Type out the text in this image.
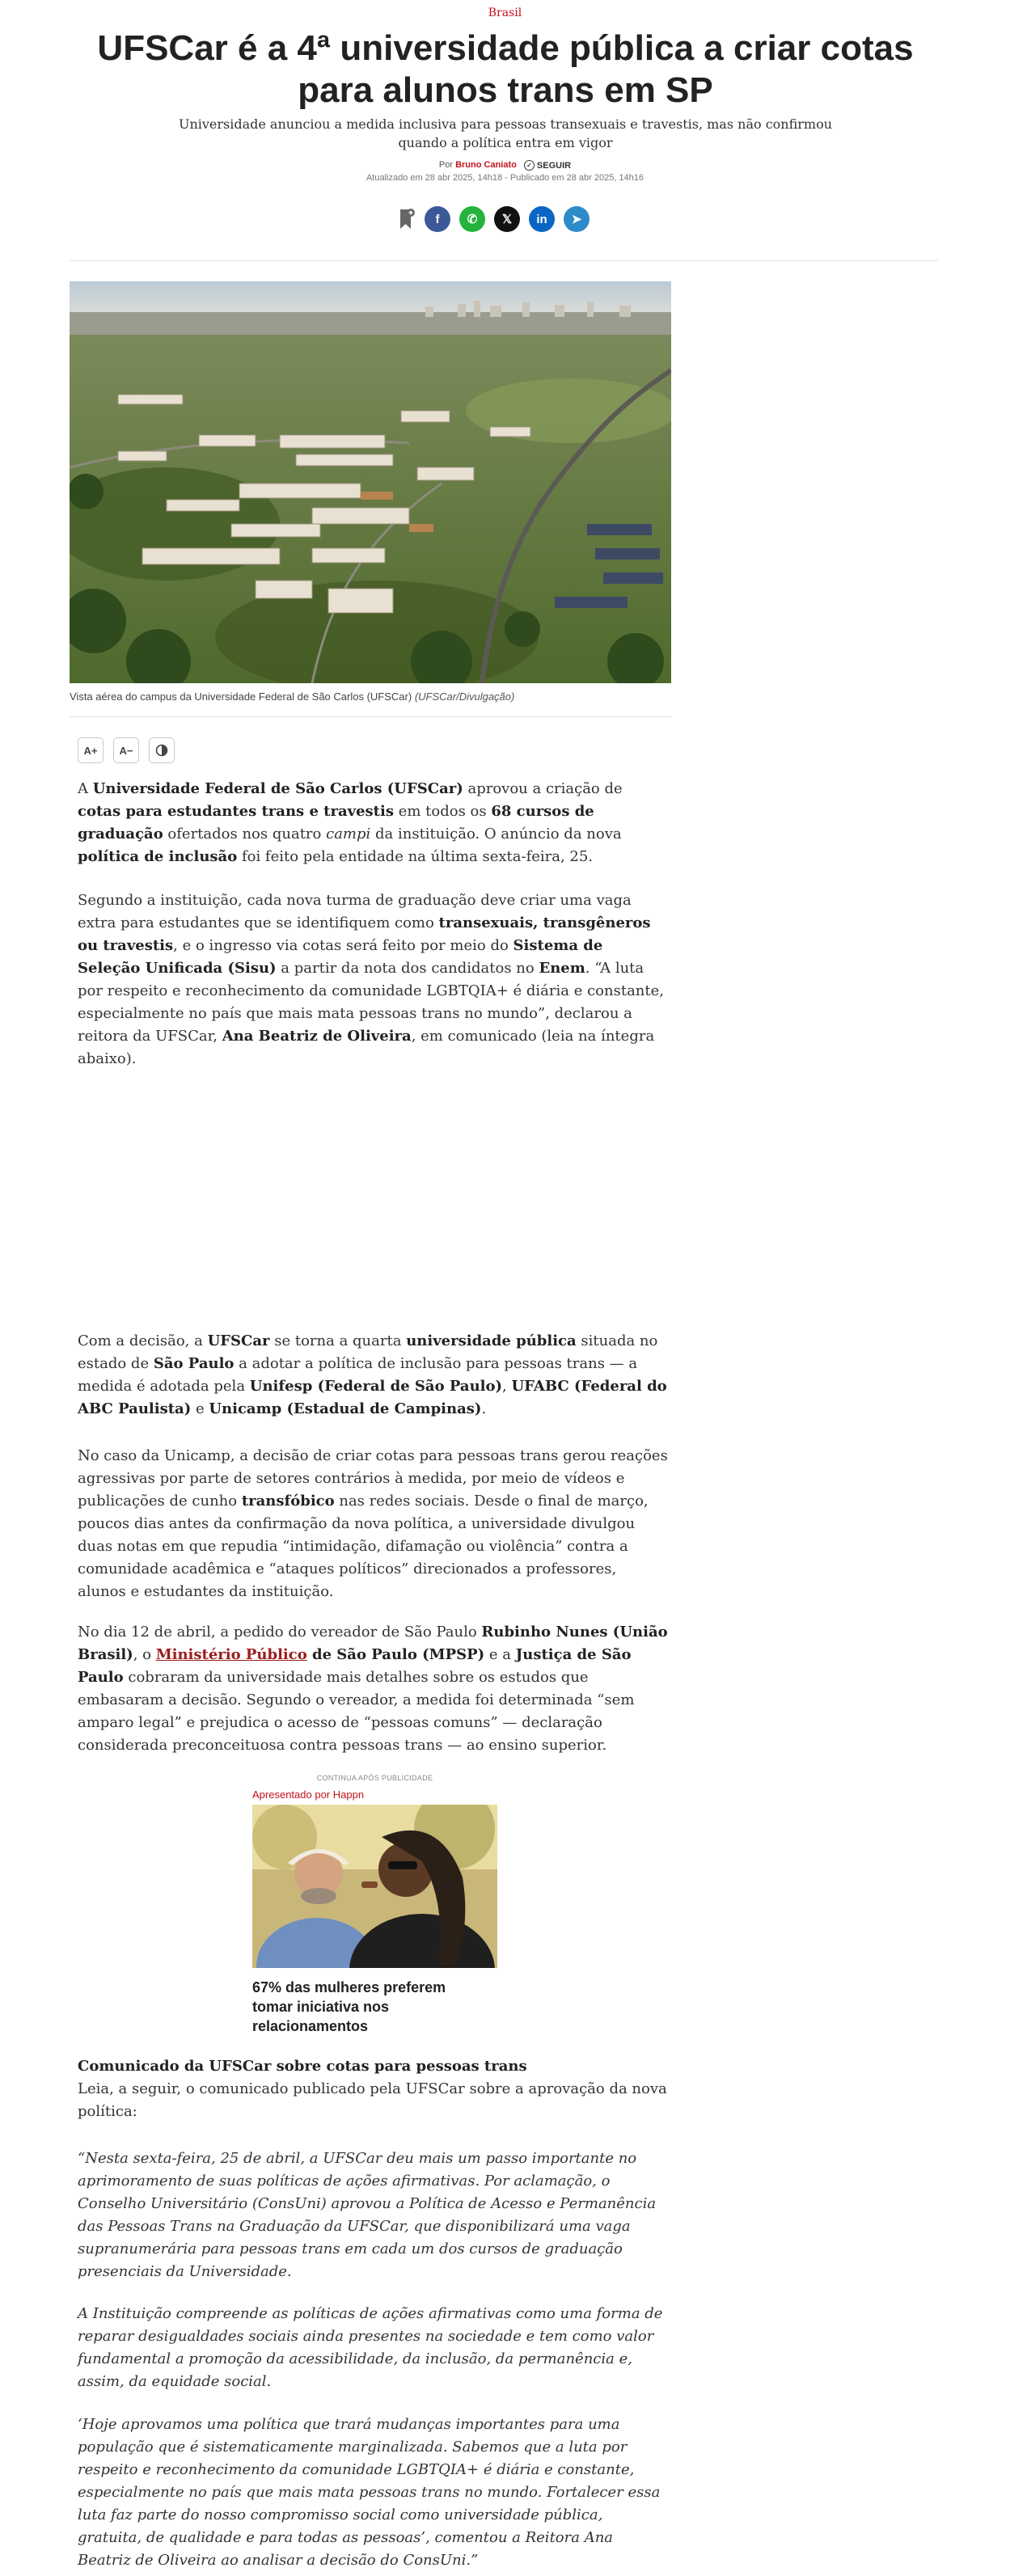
Brasil
UFSCar é a 4ª universidade pública a criar cotas para alunos trans em SP

Universidade anunciou a medida inclusiva para pessoas transexuais e travestis, mas não confirmou quando a política entra em vigor

Por Bruno Caniato	✓ SEGUIR
Atualizado em 28 abr 2025, 14h18 - Publicado em 28 abr 2025, 14h16
f	✆	𝕏	in	➤
Vista aérea do campus da Universidade Federal de São Carlos (UFSCar) (UFSCar/Divulgação)
A+	A−

A Universidade Federal de São Carlos (UFSCar) aprovou a criação de cotas para estudantes trans e travestis em todos os 68 cursos de graduação ofertados nos quatro campi da instituição. O anúncio da nova política de inclusão foi feito pela entidade na última sexta-feira, 25.

Segundo a instituição, cada nova turma de graduação deve criar uma vaga extra para estudantes que se identifiquem como transexuais, transgêneros ou travestis, e o ingresso via cotas será feito por meio do Sistema de Seleção Unificada (Sisu) a partir da nota dos candidatos no Enem. “A luta por respeito e reconhecimento da comunidade LGBTQIA+ é diária e constante, especialmente no país que mais mata pessoas trans no mundo”, declarou a reitora da UFSCar, Ana Beatriz de Oliveira, em comunicado (leia na íntegra abaixo).

Com a decisão, a UFSCar se torna a quarta universidade pública situada no estado de São Paulo a adotar a política de inclusão para pessoas trans — a medida é adotada pela Unifesp (Federal de São Paulo), UFABC (Federal do ABC Paulista) e Unicamp (Estadual de Campinas).

No caso da Unicamp, a decisão de criar cotas para pessoas trans gerou reações agressivas por parte de setores contrários à medida, por meio de vídeos e publicações de cunho transfóbico nas redes sociais. Desde o final de março, poucos dias antes da confirmação da nova política, a universidade divulgou duas notas em que repudia “intimidação, difamação ou violência” contra a comunidade acadêmica e “ataques políticos” direcionados a professores, alunos e estudantes da instituição.

No dia 12 de abril, a pedido do vereador de São Paulo Rubinho Nunes (União Brasil), o Ministério Público de São Paulo (MPSP) e a Justiça de São Paulo cobraram da universidade mais detalhes sobre os estudos que embasaram a decisão. Segundo o vereador, a medida foi determinada “sem amparo legal” e prejudica o acesso de “pessoas comuns” — declaração considerada preconceituosa contra pessoas trans — ao ensino superior.

CONTINUA APÓS PUBLICIDADE
Apresentado por Happn

67% das mulheres preferem tomar iniciativa nos relacionamentos

Comunicado da UFSCar sobre cotas para pessoas trans

Leia, a seguir, o comunicado publicado pela UFSCar sobre a aprovação da nova política:

“Nesta sexta-feira, 25 de abril, a UFSCar deu mais um passo importante no aprimoramento de suas políticas de ações afirmativas. Por aclamação, o Conselho Universitário (ConsUni) aprovou a Política de Acesso e Permanência das Pessoas Trans na Graduação da UFSCar, que disponibilizará uma vaga supranumerária para pessoas trans em cada um dos cursos de graduação presenciais da Universidade.

A Instituição compreende as políticas de ações afirmativas como uma forma de reparar desigualdades sociais ainda presentes na sociedade e tem como valor fundamental a promoção da acessibilidade, da inclusão, da permanência e, assim, da equidade social.

‘Hoje aprovamos uma política que trará mudanças importantes para uma população que é sistematicamente marginalizada. Sabemos que a luta por respeito e reconhecimento da comunidade LGBTQIA+ é diária e constante, especialmente no país que mais mata pessoas trans no mundo. Fortalecer essa luta faz parte do nosso compromisso social como universidade pública, gratuita, de qualidade e para todas as pessoas’, comentou a Reitora Ana Beatriz de Oliveira ao analisar a decisão do ConsUni.”
